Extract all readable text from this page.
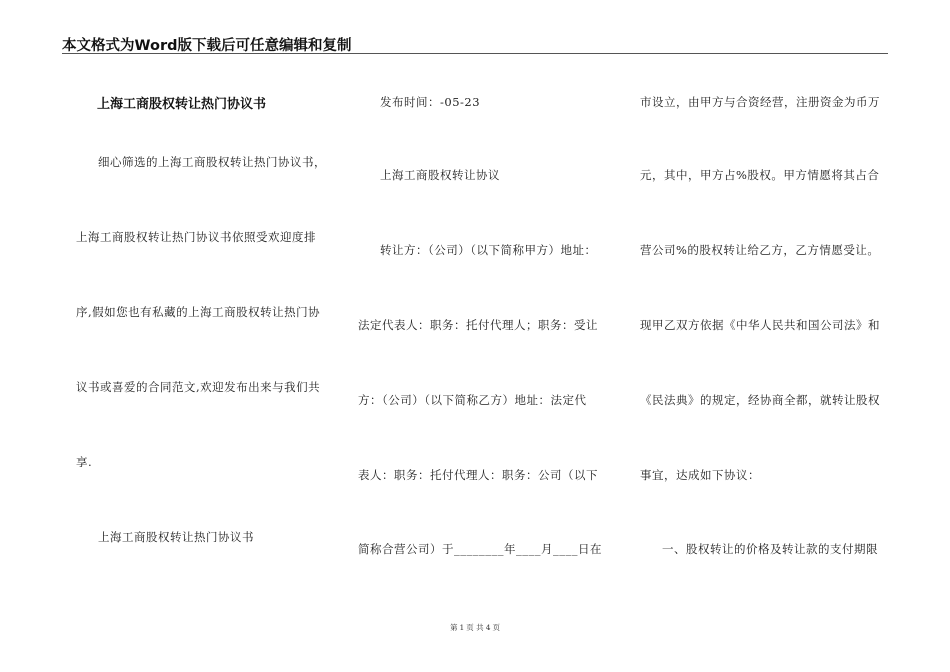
本文格式为Word版下载后可任意编辑和复制
上海工商股权转让热门协议书
细心筛选的上海工商股权转让热门协议书，
上海工商股权转让热门协议书依照受欢迎度排
序,假如您也有私藏的上海工商股权转让热门协
议书或喜爱的合同范文,欢迎发布出来与我们共
享.
上海工商股权转让热门协议书
发布时间：-05-23
上海工商股权转让协议
转让方：（公司）（以下简称甲方）地址：
法定代表人：职务：托付代理人；职务：受让
方：（公司）（以下简称乙方）地址：法定代
表人：职务：托付代理人：职务：公司（以下
简称合营公司）于________年____月____日在
市设立，由甲方与合资经营，注册资金为币万
元，其中，甲方占%股权。甲方情愿将其占合
营公司%的股权转让给乙方，乙方情愿受让。
现甲乙双方依据《中华人民共和国公司法》和
《民法典》的规定，经协商全都，就转让股权
事宜，达成如下协议：
一、股权转让的价格及转让款的支付期限
第 1 页 共 4 页
